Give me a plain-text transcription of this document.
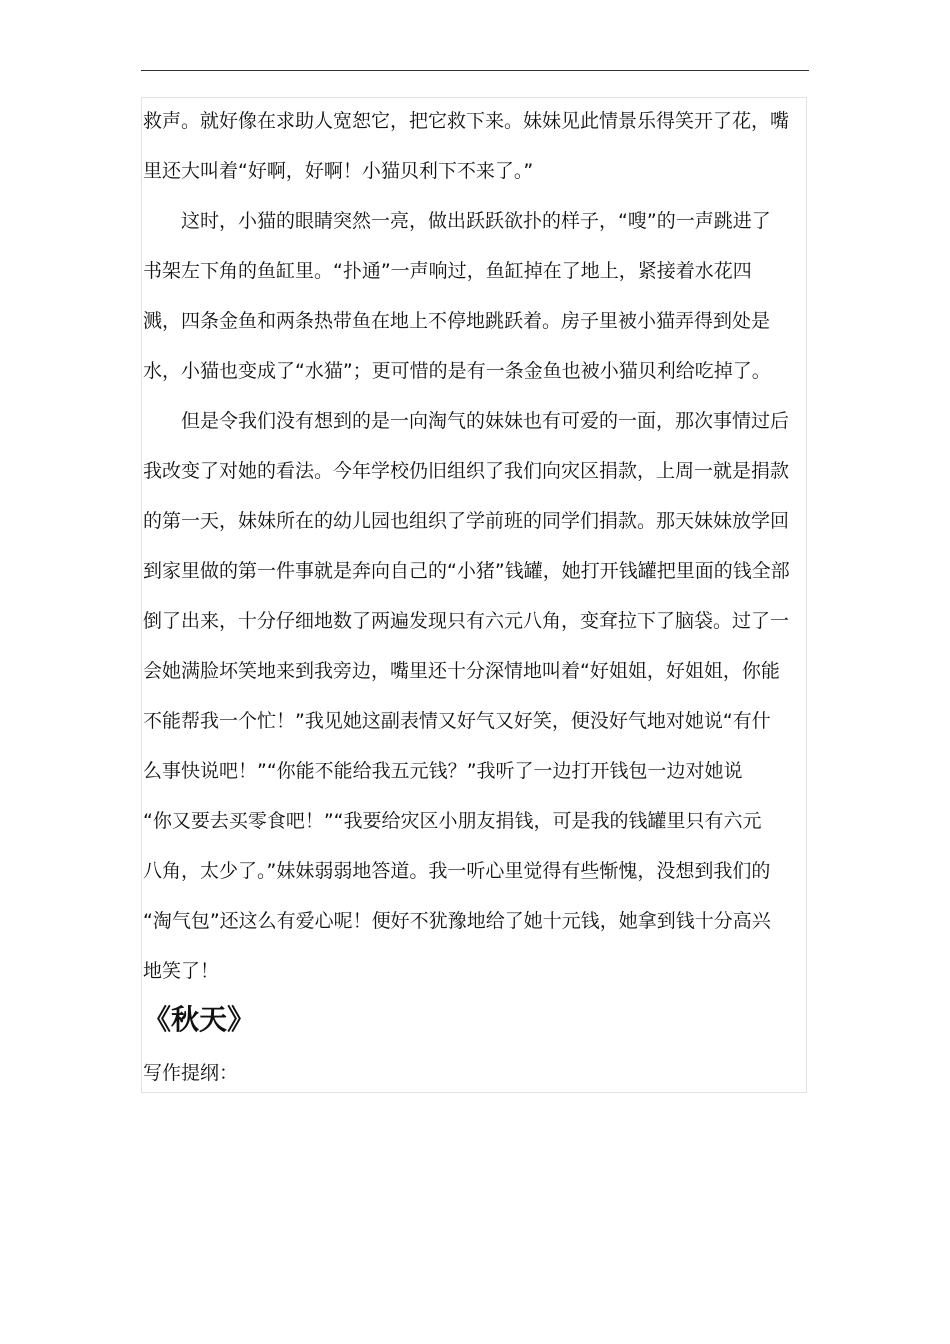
救声。就好像在求助人宽恕它，把它救下来。妹妹见此情景乐得笑开了花，嘴
里还大叫着“好啊，好啊！小猫贝利下不来了。”
这时，小猫的眼睛突然一亮，做出跃跃欲扑的样子，“嗖”的一声跳进了
书架左下角的鱼缸里。“扑通”一声响过，鱼缸掉在了地上，紧接着水花四
溅，四条金鱼和两条热带鱼在地上不停地跳跃着。房子里被小猫弄得到处是
水，小猫也变成了“水猫”；更可惜的是有一条金鱼也被小猫贝利给吃掉了。
但是令我们没有想到的是一向淘气的妹妹也有可爱的一面，那次事情过后
我改变了对她的看法。今年学校仍旧组织了我们向灾区捐款，上周一就是捐款
的第一天，妹妹所在的幼儿园也组织了学前班的同学们捐款。那天妹妹放学回
到家里做的第一件事就是奔向自己的“小猪”钱罐，她打开钱罐把里面的钱全部
倒了出来，十分仔细地数了两遍发现只有六元八角，变耷拉下了脑袋。过了一
会她满脸坏笑地来到我旁边，嘴里还十分深情地叫着“好姐姐，好姐姐，你能
不能帮我一个忙！”我见她这副表情又好气又好笑，便没好气地对她说“有什
么事快说吧！”“你能不能给我五元钱？”我听了一边打开钱包一边对她说
“你又要去买零食吧！”“我要给灾区小朋友捐钱，可是我的钱罐里只有六元
八角，太少了。”妹妹弱弱地答道。我一听心里觉得有些惭愧，没想到我们的
“淘气包”还这么有爱心呢！便好不犹豫地给了她十元钱，她拿到钱十分高兴
地笑了！
《秋天》
写作提纲：
